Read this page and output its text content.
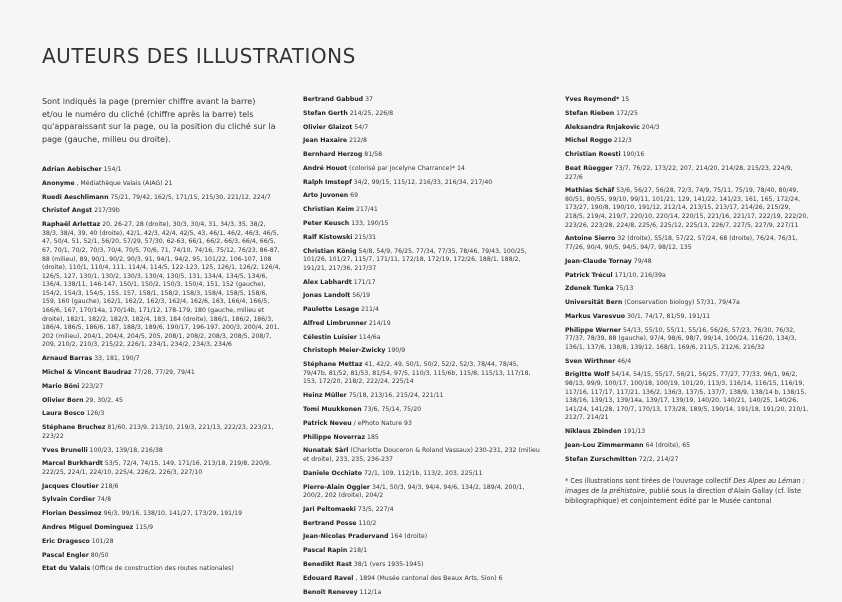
AUTEURS DES ILLUSTRATIONS

Sont indiqués la page (premier chiffre avant la barre) et/ou le numéro du cliché (chiffre après la barre) tels qu'apparaissant sur la page, ou la position du cliché sur la page (gauche, milieu ou droite).

Adrian Aebischer 154/1
Anonyme , Médiathèque Valais (AIAG) 21
Ruedi Aeschlimann 75/21, 79/42, 162/5, 171/15, 215/30, 221/12, 224/7
Christof Angst 217/39b
Raphaël Arlettaz 20, 26-27, 28 (droite), 30/3, 30/4, 31, 34/3, 35, 38/2, 38/3, 38/4, 39, 40 (droite), 42/1, 42/3, 42/4, 42/5, 43, 46/1, 46/2, 46/3, 46/5, 47, 50/4, 51, 52/1, 56/20, 57/29, 57/30, 62-63, 66/1, 66/2, 66/3, 66/4, 66/5, 67, 70/1, 70/2, 70/3, 70/4, 70/5, 70/6, 71, 74/10, 74/16, 75/12, 76/23, 86-87, 88 (milieu), 89, 90/1, 90/2, 90/3, 91, 94/1, 94/2, 95, 101/22, 106-107, 108 (droite), 110/1, 110/4, 111, 114/4, 114/5, 122-123, 125, 126/1, 126/2, 126/4, 126/5, 127, 130/1, 130/2, 130/3, 130/4, 130/5, 131, 134/4, 134/5, 134/6, 136/4, 138/11, 146-147, 150/1, 150/2, 150/3, 150/4, 151, 152 (gauche), 154/2, 154/3, 154/5, 155, 157, 158/1, 158/2, 158/3, 158/4, 158/5, 158/6, 159, 160 (gauche), 162/1, 162/2, 162/3, 162/4, 162/6, 163, 166/4, 166/5, 166/6, 167, 170/14a, 170/14b, 171/12, 178-179, 180 (gauche, milieu et droite), 182/1, 182/2, 182/3, 182/4, 183, 184 (droite), 186/1, 186/2, 186/3, 186/4, 186/5, 186/6, 187, 188/3, 189/6, 190/17, 196-197, 200/3, 200/4, 201, 202 (milieu), 204/1, 204/4, 204/5, 205, 208/1, 208/2, 208/3, 208/5, 208/7, 209, 210/2, 210/3, 215/22, 226/1, 234/1, 234/2, 234/3, 234/6
Arnaud Barras 33, 181, 190/7
Michel & Vincent Baudraz 77/28, 77/29, 79/41
Mario Böni 223/27
Olivier Born 29, 30/2, 45
Laura Bosco 126/3
Stéphane Bruchez 81/60, 213/9, 213/10, 219/3, 221/13, 222/23, 223/21, 223/22
Yves Brunelli 100/23, 139/18, 216/38
Marcel Burkhardt 53/5, 72/4, 74/15, 149, 171/16, 213/18, 219/8, 220/9, 222/25, 224/1, 224/10, 225/4, 226/2, 226/3, 227/10
Jacques Cloutier 218/6
Sylvain Cordier 74/8
Florian Dessimoz 96/3, 99/16, 138/10, 141/27, 173/29, 191/19
Andres Miguel Dominguez 115/9
Eric Dragesco 101/28
Pascal Engler 80/50
Etat du Valais (Office de construction des routes nationales)
Bertrand Gabbud 37
Stefan Gerth 214/25, 226/8
Olivier Glaizot 54/7
Jean Haxaire 212/8
Bernhard Herzog 81/58
André Houot (colorisé par Jocelyne Charrance)* 14
Ralph Imstepf 34/2, 99/15, 115/12, 216/33, 216/34, 217/40
Arto Juvonen 69
Christian Keim 217/41
Peter Keusch 133, 190/15
Ralf Kistowski 215/31
Christian König 54/8, 54/9, 76/25, 77/34, 77/35, 78/46, 79/43, 100/25, 101/26, 101/27, 115/7, 171/11, 172/18, 172/19, 172/26, 188/1, 188/2, 191/21, 217/36, 217/37
Alex Labhardt 171/17
Jonas Landolt 56/19
Paulette Lesage 211/4
Alfred Limbrunner 214/19
Célestin Luisier 114/6a
Christoph Meier-Zwicky 190/9
Stéphane Mettaz 41, 42/2, 49, 50/1, 50/2, 52/2, 52/3, 78/44, 78/45, 79/47b, 81/52, 81/53, 81/54, 97/5, 110/3, 115/6b, 115/8, 115/13, 117/18, 153, 172/20, 218/2, 222/24, 225/14
Heinz Müller 75/18, 213/16, 215/24, 221/11
Tomi Muukkonen 73/6, 75/14, 75/20
Patrick Neveu / ePhoto Nature 93
Philippe Noverraz 185
Nunatak Sàrl (Charlotte Douceron & Roland Vassaux) 230-231, 232 (milieu et droite), 233, 235, 236-237
Daniele Occhiato 72/1, 109, 112/1b, 113/2, 203, 225/11
Pierre-Alain Oggier 34/1, 50/3, 94/3, 94/4, 94/6, 134/2, 189/4, 200/1, 200/2, 202 (droite), 204/2
Jari Peltomaeki 73/5, 227/4
Bertrand Posse 110/2
Jean-Nicolas Pradervand 164 (droite)
Pascal Rapin 218/1
Benedikt Rast 38/1 (vers 1935-1945)
Edouard Ravel , 1894 (Musée cantonal des Beaux Arts, Sion) 6
Benoît Renevey 112/1a
Yves Reymond* 15
Stefan Rieben 172/25
Aleksandra Rnjakovic 204/3
Michel Roggo 212/3
Christian Roesti 190/16
Beat Rüegger 73/7, 76/22, 173/22, 207, 214/20, 214/28, 215/23, 224/9, 227/6
Mathias Schäf 53/6, 56/27, 56/28, 72/3, 74/9, 75/11, 75/19, 78/40, 80/49, 80/51, 80/55, 99/10, 99/11, 101/21, 129, 141/22, 141/23, 161, 165, 172/24, 173/27, 190/8, 190/10, 191/12, 212/14, 213/15, 213/17, 214/26, 215/29, 218/5, 219/4, 219/7, 220/10, 220/14, 220/15, 221/16, 221/17, 222/19, 222/20, 223/26, 223/28, 224/8, 225/6, 225/12, 225/13, 226/7, 227/5, 227/9, 227/11
Antoine Sierro 32 (droite), 55/18, 57/22, 57/24, 68 (droite), 76/24, 76/31, 77/26, 90/4, 90/5, 94/5, 94/7, 98/12, 135
Jean-Claude Tornay 79/48
Patrick Trécul 171/10, 216/39a
Zdenek Tunka 75/13
Universität Bern (Conservation biology) 57/31, 79/47a
Markus Varesvuo 30/1, 74/17, 81/59, 191/11
Philippe Werner 54/13, 55/10, 55/11, 55/16, 56/26, 57/23, 76/30, 76/32, 77/37, 78/39, 88 (gauche), 97/4, 98/6, 98/7, 99/14, 100/24, 116/20, 134/3, 136/1, 137/6, 138/8, 139/12, 168/1, 169/6, 211/5, 212/6, 216/32
Sven Wirthner 46/4
Brigitte Wolf 54/14, 54/15, 55/17, 56/21, 56/25, 77/27, 77/33, 96/1, 96/2, 98/13, 99/9, 100/17, 100/18, 100/19, 101/20, 113/3, 116/14, 116/15, 116/19, 117/16, 117/17, 117/21, 136/2, 136/3, 137/5, 137/7, 138/9, 138/14 b, 138/15, 138/16, 139/13, 139/14a, 139/17, 139/19, 140/20, 140/21, 140/25, 140/26, 141/24, 141/28, 170/7, 170/13, 173/28, 189/5, 190/14, 191/18, 191/20, 210/1, 212/7, 214/21
Niklaus Zbinden 191/13
Jean-Lou Zimmermann 64 (droite), 65
Stefan Zurschmitten 72/2, 214/27
* Ces illustrations sont tirées de l'ouvrage collectif Des Alpes au Léman : images de la préhistoire, publié sous la direction d'Alain Gallay (cf. liste bibliographique) et conjointement édité par le Musée cantonal
